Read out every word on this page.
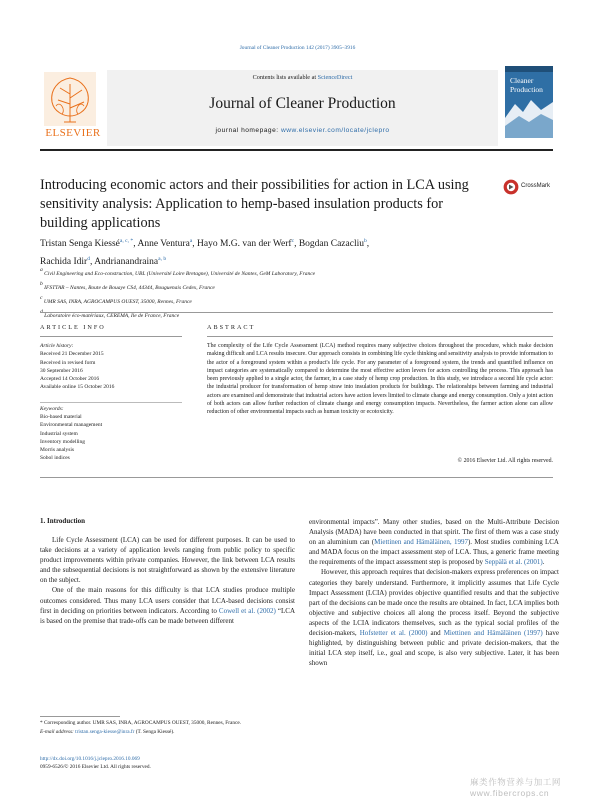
Journal of Cleaner Production 142 (2017) 3905–3916
ELSEVIER
Contents lists available at ScienceDirect
Journal of Cleaner Production
journal homepage: www.elsevier.com/locate/jclepro
Cleaner
Production
Introducing economic actors and their possibilities for action in LCA using sensitivity analysis: Application to hemp-based insulation products for building applications
CrossMark
Tristan Senga Kiessé$^{a, c, *}$, Anne Ventura$^a$, Hayo M.G. van der Werf$^c$, Bogdan Cazacliu$^b$,
Rachida Idir$^d$, Andrianandraina$^{a, b}$
$^a$ Civil Engineering and Eco-construction, UBL (Université Loire Bretagne), Université de Nantes, GeM Laboratory, France
$^b$ IFSTTAR – Nantes, Route de Bouaye CS4, 44344, Bouguenais Cedex, France
$^c$ UMR SAS, INRA, AGROCAMPUS OUEST, 35000, Rennes, France
$^d$ Laboratoire éco-matériaux, CEREMA, Ile de France, France
ARTICLE INFO
Article history:
Received 21 December 2015
Received in revised form
30 September 2016
Accepted 14 October 2016
Available online 15 October 2016
Keywords:
Bio-based material
Environmental management
Industrial system
Inventory modelling
Morris analysis
Sobol indices
ABSTRACT
The complexity of the Life Cycle Assessment (LCA) method requires many subjective choices throughout the procedure, which make decision making difficult and LCA results insecure. Our approach consists in combining life cycle thinking and sensitivity analysis to provide information to the actor of a foreground system within a product's life cycle. For any parameter of a foreground system, the trends and quantified influence on impact categories are systematically compared to determine the most effective action levers for actors controlling the process. This approach has been previously applied to a single actor, the farmer, in a case study of hemp crop production. In this study, we introduce a second life cycle actor: the industrial producer for transformation of hemp straw into insulation products for buildings. The relationships between farming and industrial actors are examined and demonstrate that industrial actors have action levers limited to climate change and energy consumption. Only a joint action of both actors can allow further reduction of climate change and energy consumption impacts. Nevertheless, the farmer action alone can allow reduction of other environmental impacts such as human toxicity or ecotoxicity.
© 2016 Elsevier Ltd. All rights reserved.
1. Introduction

Life Cycle Assessment (LCA) can be used for different purposes. It can be used to take decisions at a variety of application levels ranging from public policy to specific product improvements within private companies. However, the link between LCA results and the subsequential decisions is not straightforward as shown by the extensive literature on the subject.

One of the main reasons for this difficulty is that LCA studies produce multiple outcomes considered. Thus many LCA users consider that LCA-based decisions consist first in deciding on priorities between indicators. According to Cowell et al. (2002) “LCA is based on the premise that trade-offs can be made between different

environmental impacts”. Many other studies, based on the Multi-Attribute Decision Analysis (MADA) have been conducted in that spirit. The first of them was a case study on an aluminium can (Miettinen and Hämäläinen, 1997). Most studies combining LCA and MADA focus on the impact assessment step of LCA. Thus, a generic frame meeting the requirements of the impact assessment step is proposed by Seppälä et al. (2001).

However, this approach requires that decision-makers express preferences on impact categories they barely understand. Furthermore, it implicitly assumes that Life Cycle Impact Assessment (LCIA) provides objective quantified results and that the subjective part of the decisions can be made once the results are obtained. In fact, LCA implies both objective and subjective choices all along the process itself. Beyond the subjective aspects of the LCIA indicators themselves, such as the typical social profiles of the decision-makers, Hofstetter et al. (2000) and Miettinen and Hämäläinen (1997) have highlighted, by distinguishing between public and private decision-makers, that the initial LCA step itself, i.e., goal and scope, is also very subjective. Later, it has been shown

* Corresponding author. UMR SAS, INRA, AGROCAMPUS OUEST, 35000, Rennes, France.
E-mail address: tristan.senga-kiesse@inra.fr (T. Senga Kiessé).
http://dx.doi.org/10.1016/j.jclepro.2016.10.069
0959-6526/© 2016 Elsevier Ltd. All rights reserved.
麻类作物营养与加工网 www.fibercrops.cn
